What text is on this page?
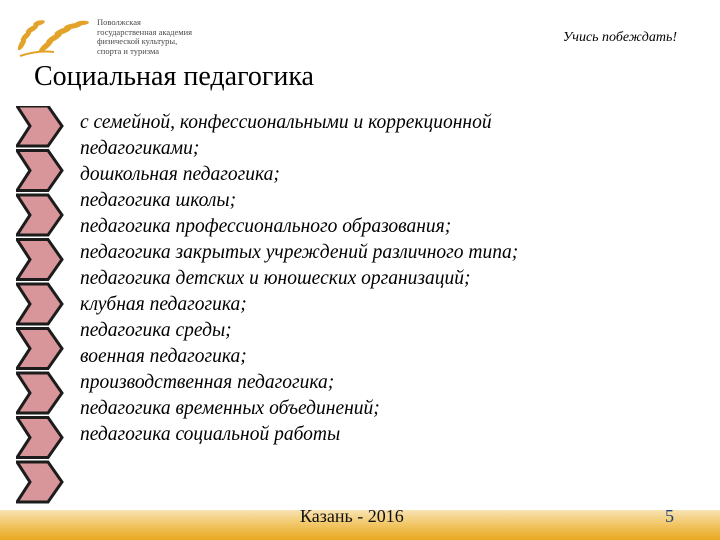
Поволжская
государственная академия
физической культуры,
спорта и туризма
Учись побеждать!
Социальная педагогика
с семейной, конфессиональными и коррекционной
педагогиками;
дошкольная педагогика;
педагогика школы;
педагогика профессионального образования;
педагогика закрытых учреждений различного типа;
педагогика детских и юношеских организаций;
клубная педагогика;
педагогика среды;
военная педагогика;
производственная педагогика;
педагогика временных объединений;
педагогика социальной работы
Казань - 2016	5
